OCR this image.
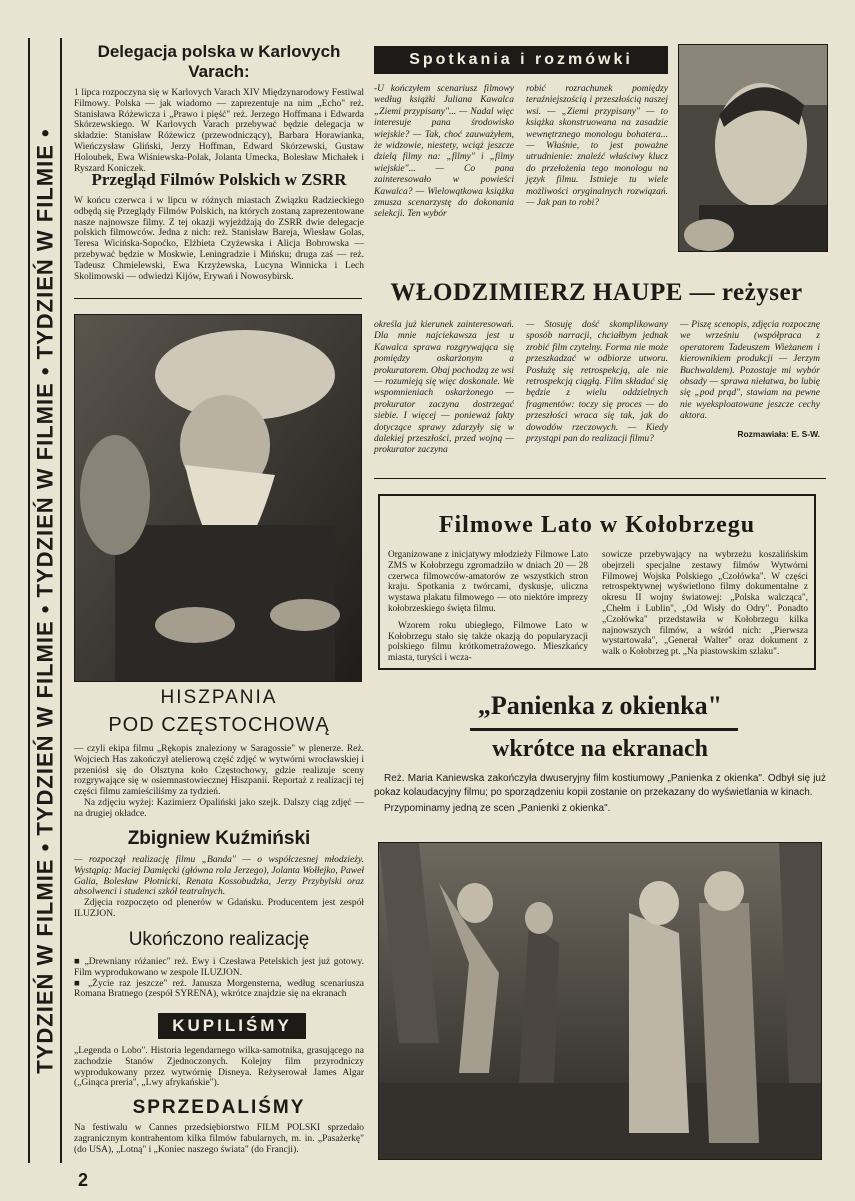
TYDZIEŃ W FILMIE • TYDZIEŃ W FILMIE • TYDZIEŃ W FILMIE • TYDZIEŃ W FILMIE •
Delegacja polska w Karlovych Varach:

1 lipca rozpoczyna się w Karlovych Varach XIV Międzynarodowy Festiwal Filmowy. Polska — jak wiadomo — zaprezentuje na nim „Echo" reż. Stanisława Różewicza i „Prawo i pięść" reż. Jerzego Hoffmana i Edwarda Skórzewskiego. W Karlovych Varach przebywać będzie delegacja w składzie: Stanisław Różewicz (przewodniczący), Barbara Horawianka, Wieńczysław Gliński, Jerzy Hoffman, Edward Skórzewski, Gustaw Holoubek, Ewa Wiśniewska-Polak, Jolanta Umecka, Bolesław Michałek i Ryszard Koniczek.

Przegląd Filmów Polskich w ZSRR

W końcu czerwca i w lipcu w różnych miastach Związku Radzieckiego odbędą się Przeglądy Filmów Polskich, na których zostaną zaprezentowane nasze najnowsze filmy. Z tej okazji wyjeżdżają do ZSRR dwie delegacje polskich filmowców. Jedna z nich: reż. Stanisław Bareja, Wiesław Golas, Teresa Wicińska-Sopoćko, Elżbieta Czyżewska i Alicja Bobrowska — przebywać będzie w Moskwie, Leningradzie i Mińsku; druga zaś — reż. Tadeusz Chmielewski, Ewa Krzyżewska, Lucyna Winnicka i Lech Skolimowski — odwiedzi Kijów, Erywań i Nowosybirsk.

HISZPANIA
POD CZĘSTOCHOWĄ

— czyli ekipa filmu „Rękopis znaleziony w Saragossie" w plenerze. Reż. Wojciech Has zakończył atelierową część zdjęć w wytwórni wrocławskiej i przeniósł się do Olsztyna koło Częstochowy, gdzie realizuje sceny rozgrywające się w osiemnastowiecznej Hiszpanii. Reportaż z realizacji tej części filmu zamieściliśmy za tydzień.

Na zdjęciu wyżej: Kazimierz Opaliński jako szejk. Dalszy ciąg zdjęć — na drugiej okładce.

Zbigniew Kuźmiński

— rozpoczął realizację filmu „Banda" — o współczesnej młodzieży. Wystąpią: Maciej Damięcki (główna rola Jerzego), Jolanta Wołłejko, Paweł Galia, Bolesław Płotnicki, Renata Kossobudzka, Jerzy Przybylski oraz absolwenci i studenci szkół teatralnych.

Zdjęcia rozpoczęto od plenerów w Gdańsku. Producentem jest zespół ILUZJON.

Ukończono realizację

■ „Drewniany różaniec" reż. Ewy i Czesława Petelskich jest już gotowy. Film wyprodukowano w zespole ILUZJON.

■ „Życie raz jeszcze" reż. Janusza Morgensterna, według scenariusza Romana Bratnego (zespół SYRENA), wkrótce znajdzie się na ekranach

KUPILIŚMY

„Legenda o Lobo". Historia legendarnego wilka-samotnika, grasującego na zachodzie Stanów Zjednoczonych. Kolejny film przyrodniczy wyprodukowany przez wytwórnię Disneya. Reżyserował James Algar („Ginąca preria", „Lwy afrykańskie").

SPRZEDALIŚMY

Na festiwalu w Cannes przedsiębiorstwo FILM POLSKI sprzedało zagranicznym kontrahentom kilka filmów fabularnych, m. in. „Pasażerkę" (do USA), „Lotną" i „Koniec naszego świata" (do Francji).

2
Spotkania i rozmówki

-U kończyłem scenariusz filmowy według książki Juliana Kawalca „Ziemi przypisany"... — Nadal więc interesuje pana środowisko wiejskie? — Tak, choć zauważyłem, że widzowie, niestety, wciąż jeszcze dzielą filmy na: „filmy" i „filmy wiejskie"... — Co pana zainteresowało w powieści Kawalca? — Wielowątkowa książka zmusza scenarzystę do dokonania selekcji. Ten wybór

robić rozrachunek pomiędzy teraźniejszością i przeszłością naszej wsi. — „Ziemi przypisany" — to książka skonstruowana na zasadzie wewnętrznego monologu bohatera... — Właśnie, to jest poważne utrudnienie: znaleźć właściwy klucz do przełożenia tego monologu na język filmu. Istnieje tu wiele możliwości oryginalnych rozwiązań. — Jak pan to robi?

WŁODZIMIERZ HAUPE — reżyser

określa już kierunek zainteresowań. Dla mnie najciekawsza jest u Kawalca sprawa rozgrywająca się pomiędzy oskarżonym a prokuratorem. Obaj pochodzą ze wsi — rozumieją się więc doskonale. We wspomnieniach oskarżonego — prokurator zaczyna dostrzegać siebie. I więcej — ponieważ fakty dotyczące sprawy zdarzyły się w dalekiej przeszłości, przed wojną — prokurator zaczyna

— Stosuję dość skomplikowany sposób narracji, chciałbym jednak zrobić film czytelny. Forma nie może przeszkadzać w odbiorze utworu. Posłużę się retrospekcją, ale nie retrospekcją ciągłą. Film składać się będzie z wielu oddzielnych fragmentów: toczy się proces — do przeszłości wraca się tak, jak do dowodów rzeczowych. — Kiedy przystąpi pan do realizacji filmu?

— Piszę scenopis, zdjęcia rozpocznę we wrześniu (współpraca z operatorem Tadeuszem Wieżanem i kierownikiem produkcji — Jerzym Buchwaldem). Pozostaje mi wybór obsady — sprawa niełatwa, bo lubię się „pod prąd", stawiam na pewne nie wyeksploatowane jeszcze cechy aktora.

Rozmawiała: E. S-W.
Filmowe Lato w Kołobrzegu

Organizowane z inicjatywy młodzieży Filmowe Lato ZMS w Kołobrzegu zgromadziło w dniach 20 — 28 czerwca filmowców-amatorów ze wszystkich stron kraju. Spotkania z twórcami, dyskusje, uliczna wystawa plakatu filmowego — oto niektóre imprezy kołobrzeskiego święta filmu.

Wzorem roku ubiegłego, Filmowe Lato w Kołobrzegu stało się także okazją do popularyzacji polskiego filmu krótkometrażowego. Mieszkańcy miasta, turyści i wcza-

sowicze przebywający na wybrzeżu koszalińskim obejrzeli specjalne zestawy filmów Wytwórni Filmowej Wojska Polskiego „Czołówka". W części retrospektywnej wyświetlono filmy dokumentalne z okresu II wojny światowej: „Polska walcząca", „Chełm i Lublin", „Od Wisły do Odry". Ponadto „Czołówka" przedstawiła w Kołobrzegu kilka najnowszych filmów, a wśród nich: „Pierwsza wystartowała", „Generał Walter" oraz dokument z walk o Kołobrzeg pt. „Na piastowskim szlaku".

„Panienka z okienka"
wkrótce na ekranach

Reż. Maria Kaniewska zakończyła dwuseryjny film kostiumowy „Panienka z okienka". Odbył się już pokaz kolaudacyjny filmu; po sporządzeniu kopii zostanie on przekazany do wyświetlania w kinach.

Przypominamy jedną ze scen „Panienki z okienka".
